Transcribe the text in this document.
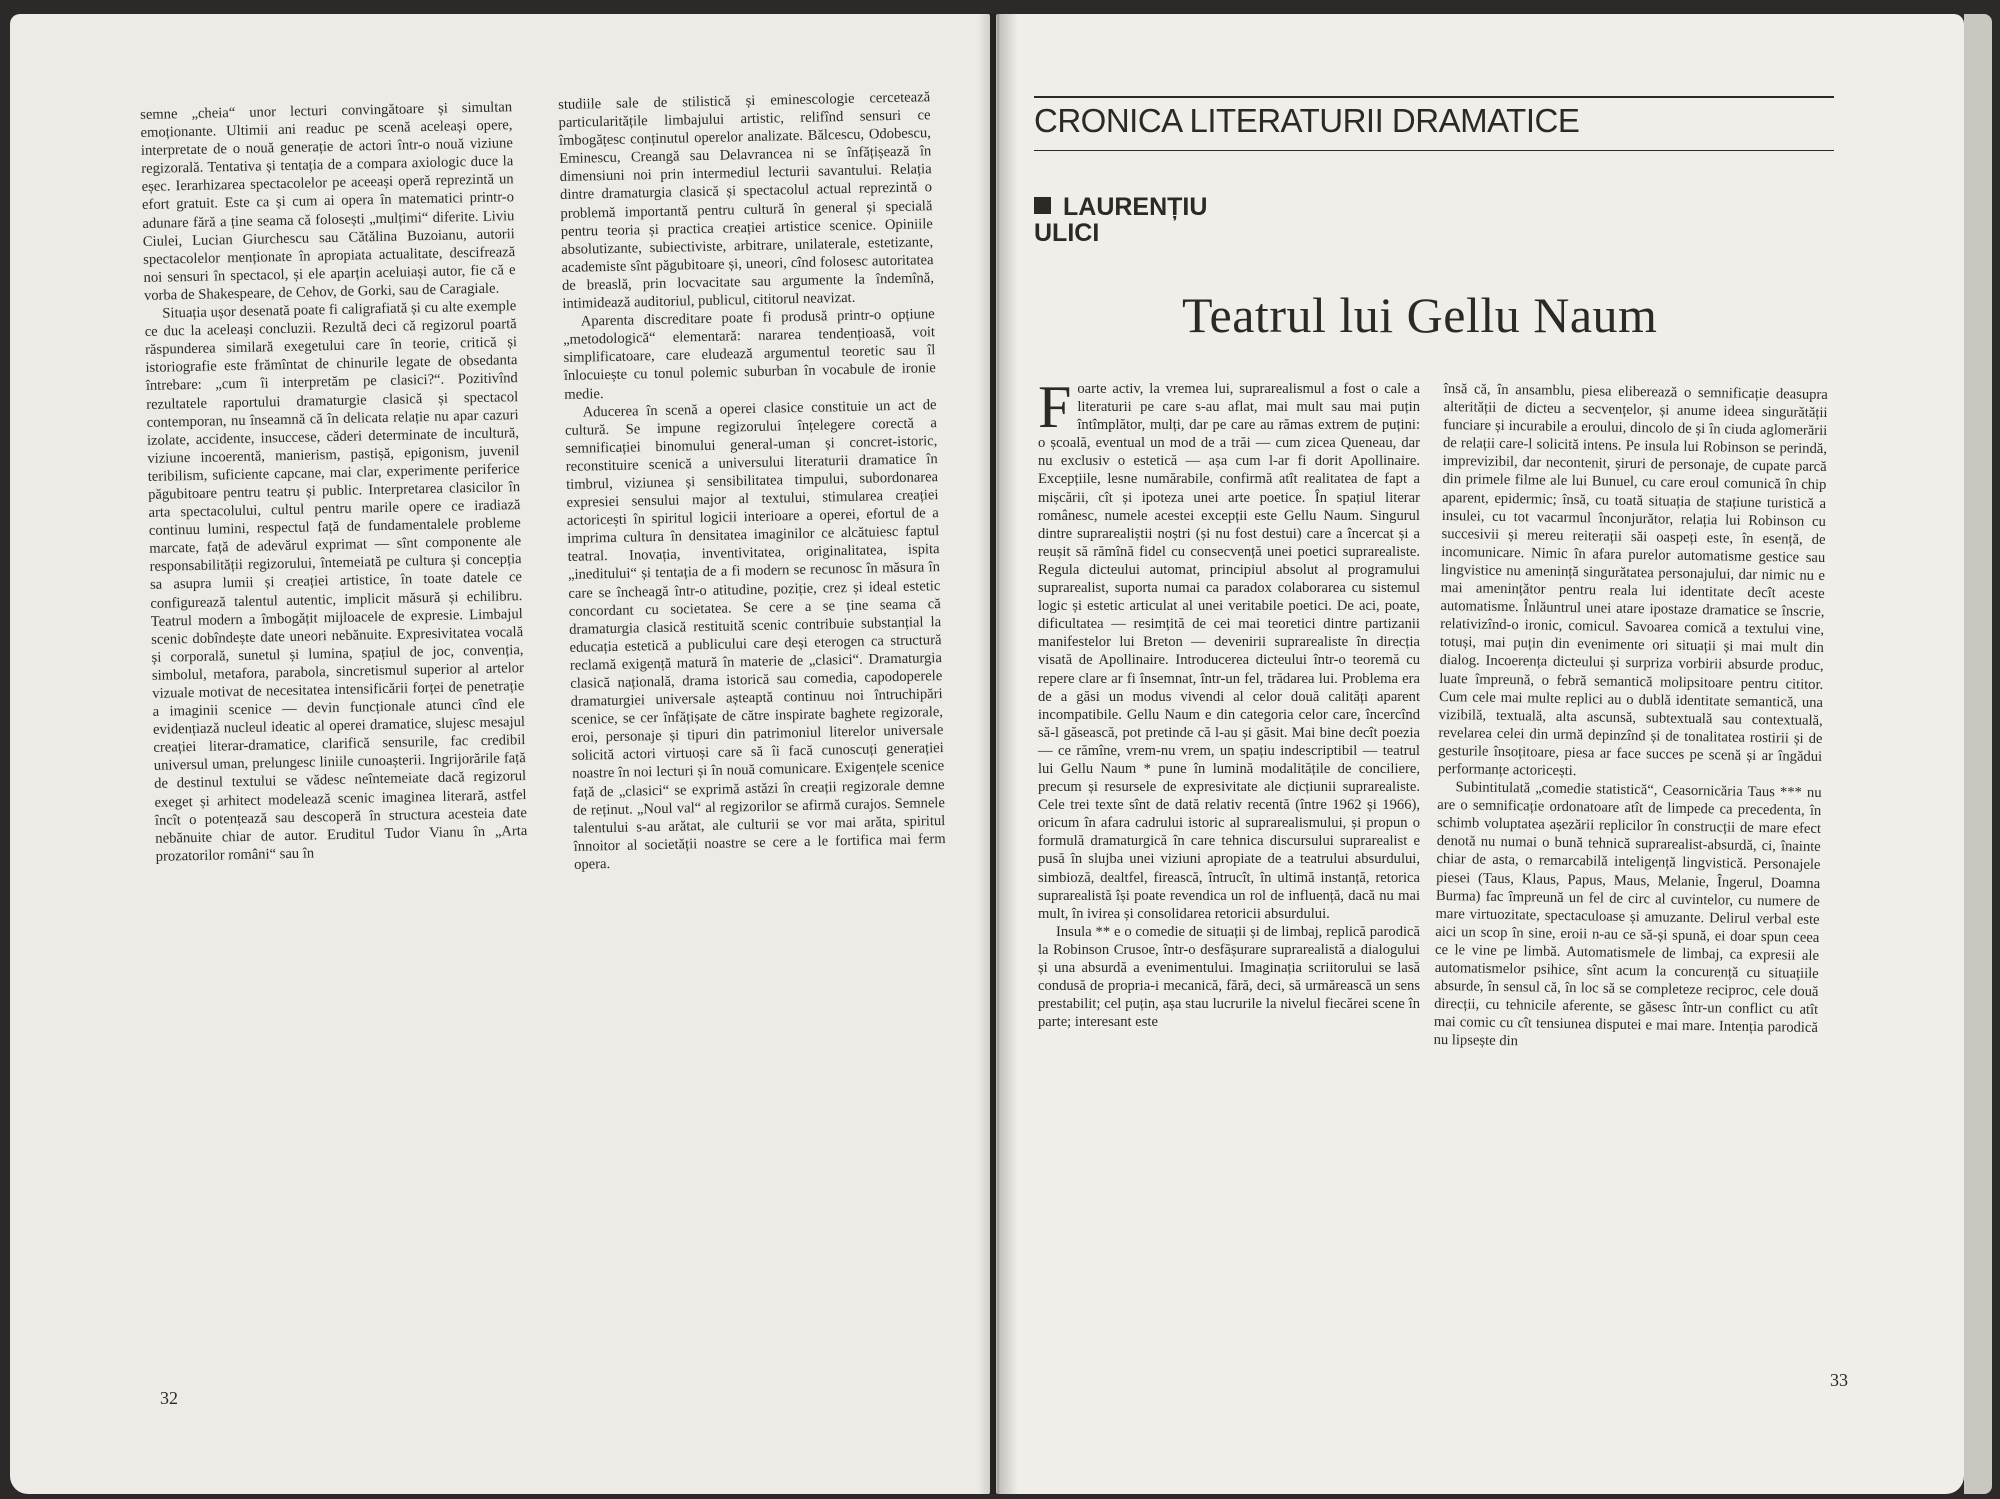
semne „cheia“ unor lecturi convingătoare și simultan emoționante. Ultimii ani readuc pe scenă aceleași opere, interpretate de o nouă generație de actori într-o nouă viziune regizorală. Tentativa și tentația de a compara axiologic duce la eșec. Ierarhizarea spectacolelor pe aceeași operă reprezintă un efort gratuit. Este ca și cum ai opera în matematici printr-o adunare fără a ține seama că folosești „mulțimi“ diferite. Liviu Ciulei, Lucian Giurchescu sau Cătălina Buzoianu, autorii spectacolelor menționate în apropiata actualitate, descifrează noi sensuri în spectacol, și ele aparțin aceluiași autor, fie că e vorba de Shakespeare, de Cehov, de Gorki, sau de Caragiale.

Situația ușor desenată poate fi caligrafiată și cu alte exemple ce duc la aceleași concluzii. Rezultă deci că regizorul poartă răspunderea similară exegetului care în teorie, critică și istoriografie este frămîntat de chinurile legate de obsedanta întrebare: „cum îi interpretăm pe clasici?“. Pozitivînd rezultatele raportului dramaturgie clasică și spectacol contemporan, nu înseamnă că în delicata relație nu apar cazuri izolate, accidente, insuccese, căderi determinate de incultură, viziune incoerentă, manierism, pastișă, epigonism, juvenil teribilism, suficiente capcane, mai clar, experimente periferice păgubitoare pentru teatru și public. Interpretarea clasicilor în arta spectacolului, cultul pentru marile opere ce iradiază continuu lumini, respectul față de fundamentalele probleme marcate, față de adevărul exprimat — sînt componente ale responsabilității regizorului, întemeiată pe cultura și concepția sa asupra lumii și creației artistice, în toate datele ce configurează talentul autentic, implicit măsură și echilibru. Teatrul modern a îmbogățit mijloacele de expresie. Limbajul scenic dobîndește date uneori nebănuite. Expresivitatea vocală și corporală, sunetul și lumina, spațiul de joc, convenția, simbolul, metafora, parabola, sincretismul superior al artelor vizuale motivat de necesitatea intensificării forței de penetrație a imaginii scenice — devin funcționale atunci cînd ele evidențiază nucleul ideatic al operei dramatice, slujesc mesajul creației literar-dramatice, clarifică sensurile, fac credibil universul uman, prelungesc liniile cunoașterii. Ingrijorările față de destinul textului se vădesc neîntemeiate dacă regizorul exeget și arhitect modelează scenic imaginea literară, astfel încît o potențează sau descoperă în structura acesteia date nebănuite chiar de autor. Eruditul Tudor Vianu în „Arta prozatorilor români“ sau în

studiile sale de stilistică și eminescologie cercetează particularitățile limbajului artistic, relifînd sensuri ce îmbogățesc conținutul operelor analizate. Bălcescu, Odobescu, Eminescu, Creangă sau Delavrancea ni se înfățișează în dimensiuni noi prin intermediul lecturii savantului. Relația dintre dramaturgia clasică și spectacolul actual reprezintă o problemă importantă pentru cultură în general și specială pentru teoria și practica creației artistice scenice. Opiniile absolutizante, subiectiviste, arbitrare, unilaterale, estetizante, academiste sînt păgubitoare și, uneori, cînd folosesc autoritatea de breaslă, prin locvacitate sau argumente la îndemînă, intimidează auditoriul, publicul, cititorul neavizat.

Aparenta discreditare poate fi produsă printr-o opțiune „metodologică“ elementară: nararea tendențioasă, voit simplificatoare, care eludează argumentul teoretic sau îl înlocuiește cu tonul polemic suburban în vocabule de ironie medie.

Aducerea în scenă a operei clasice constituie un act de cultură. Se impune regizorului înțelegere corectă a semnificației binomului general-uman și concret-istoric, reconstituire scenică a universului literaturii dramatice în timbrul, viziunea și sensibilitatea timpului, subordonarea expresiei sensului major al textului, stimularea creației actoricești în spiritul logicii interioare a operei, efortul de a imprima cultura în densitatea imaginilor ce alcătuiesc faptul teatral. Inovația, inventivitatea, originalitatea, ispita „ineditului“ și tentația de a fi modern se recunosc în măsura în care se încheagă într-o atitudine, poziție, crez și ideal estetic concordant cu societatea. Se cere a se ține seama că dramaturgia clasică restituită scenic contribuie substanțial la educația estetică a publicului care deși eterogen ca structură reclamă exigență matură în materie de „clasici“. Dramaturgia clasică națională, drama istorică sau comedia, capodoperele dramaturgiei universale așteaptă continuu noi întruchipări scenice, se cer înfățișate de către inspirate baghete regizorale, eroi, personaje și tipuri din patrimoniul literelor universale solicită actori virtuoși care să îi facă cunoscuți generației noastre în noi lecturi și în nouă comunicare. Exigențele scenice față de „clasici“ se exprimă astăzi în creații regizorale demne de reținut. „Noul val“ al regizorilor se afirmă curajos. Semnele talentului s-au arătat, ale culturii se vor mai arăta, spiritul înnoitor al societății noastre se cere a le fortifica mai ferm opera.

32
CRONICA LITERATURII DRAMATICE
LAURENȚIU
ULICI
Teatrul lui Gellu Naum

Foarte activ, la vremea lui, suprarealismul a fost o cale a literaturii pe care s-au aflat, mai mult sau mai puțin întîmplător, mulți, dar pe care au rămas extrem de puțini: o școală, eventual un mod de a trăi — cum zicea Queneau, dar nu exclusiv o estetică — așa cum l-ar fi dorit Apollinaire. Excepțiile, lesne numărabile, confirmă atît realitatea de fapt a mișcării, cît și ipoteza unei arte poetice. În spațiul literar românesc, numele acestei excepții este Gellu Naum. Singurul dintre suprarealiștii noștri (și nu fost destui) care a încercat și a reușit să rămînă fidel cu consecvență unei poetici suprarealiste. Regula dicteului automat, principiul absolut al programului suprarealist, suporta numai ca paradox colaborarea cu sistemul logic și estetic articulat al unei veritabile poetici. De aci, poate, dificultatea — resimțită de cei mai teoretici dintre partizanii manifestelor lui Breton — devenirii suprarealiste în direcția visată de Apollinaire. Introducerea dicteului într-o teoremă cu repere clare ar fi însemnat, într-un fel, trădarea lui. Problema era de a găsi un modus vivendi al celor două calități aparent incompatibile. Gellu Naum e din categoria celor care, încercînd să-l găsească, pot pretinde că l-au și găsit. Mai bine decît poezia — ce rămîne, vrem-nu vrem, un spațiu indescriptibil — teatrul lui Gellu Naum * pune în lumină modalitățile de conciliere, precum și resursele de expresivitate ale dicțiunii suprarealiste. Cele trei texte sînt de dată relativ recentă (între 1962 și 1966), oricum în afara cadrului istoric al suprarealismului, și propun o formulă dramaturgică în care tehnica discursului suprarealist e pusă în slujba unei viziuni apropiate de a teatrului absurdului, simbioză, dealtfel, firească, întrucît, în ultimă instanță, retorica suprarealistă își poate revendica un rol de influență, dacă nu mai mult, în ivirea și consolidarea retoricii absurdului.

Insula ** e o comedie de situații și de limbaj, replică parodică la Robinson Crusoe, într-o desfășurare suprarealistă a dialogului și una absurdă a evenimentului. Imaginația scriitorului se lasă condusă de propria-i mecanică, fără, deci, să urmărească un sens prestabilit; cel puțin, așa stau lucrurile la nivelul fiecărei scene în parte; interesant este

însă că, în ansamblu, piesa eliberează o semnificație deasupra alterității de dicteu a secvențelor, și anume ideea singurătății funciare și incurabile a eroului, dincolo de și în ciuda aglomerării de relații care-l solicită intens. Pe insula lui Robinson se perindă, imprevizibil, dar necontenit, șiruri de personaje, de cupate parcă din primele filme ale lui Bunuel, cu care eroul comunică în chip aparent, epidermic; însă, cu toată situația de stațiune turistică a insulei, cu tot vacarmul înconjurător, relația lui Robinson cu succesivii și mereu reiterații săi oaspeți este, în esență, de incomunicare. Nimic în afara purelor automatisme gestice sau lingvistice nu amenință singurătatea personajului, dar nimic nu e mai amenințător pentru reala lui identitate decît aceste automatisme. Înlăuntrul unei atare ipostaze dramatice se înscrie, relativizînd-o ironic, comicul. Savoarea comică a textului vine, totuși, mai puțin din evenimente ori situații și mai mult din dialog. Incoerența dicteului și surpriza vorbirii absurde produc, luate împreună, o febră semantică molipsitoare pentru cititor. Cum cele mai multe replici au o dublă identitate semantică, una vizibilă, textuală, alta ascunsă, subtextuală sau contextuală, revelarea celei din urmă depinzînd și de tonalitatea rostirii și de gesturile însoțitoare, piesa ar face succes pe scenă și ar îngădui performanțe actoricești.

Subintitulată „comedie statistică“, Ceasornicăria Taus *** nu are o semnificație ordonatoare atît de limpede ca precedenta, în schimb voluptatea așezării replicilor în construcții de mare efect denotă nu numai o bună tehnică suprarealist-absurdă, ci, înainte chiar de asta, o remarcabilă inteligență lingvistică. Personajele piesei (Taus, Klaus, Papus, Maus, Melanie, Îngerul, Doamna Burma) fac împreună un fel de circ al cuvintelor, cu numere de mare virtuozitate, spectaculoase și amuzante. Delirul verbal este aici un scop în sine, eroii n-au ce să-și spună, ei doar spun ceea ce le vine pe limbă. Automatismele de limbaj, ca expresii ale automatismelor psihice, sînt acum la concurență cu situațiile absurde, în sensul că, în loc să se completeze reciproc, cele două direcții, cu tehnicile aferente, se găsesc într-un conflict cu atît mai comic cu cît tensiunea disputei e mai mare. Intenția parodică nu lipsește din

33
